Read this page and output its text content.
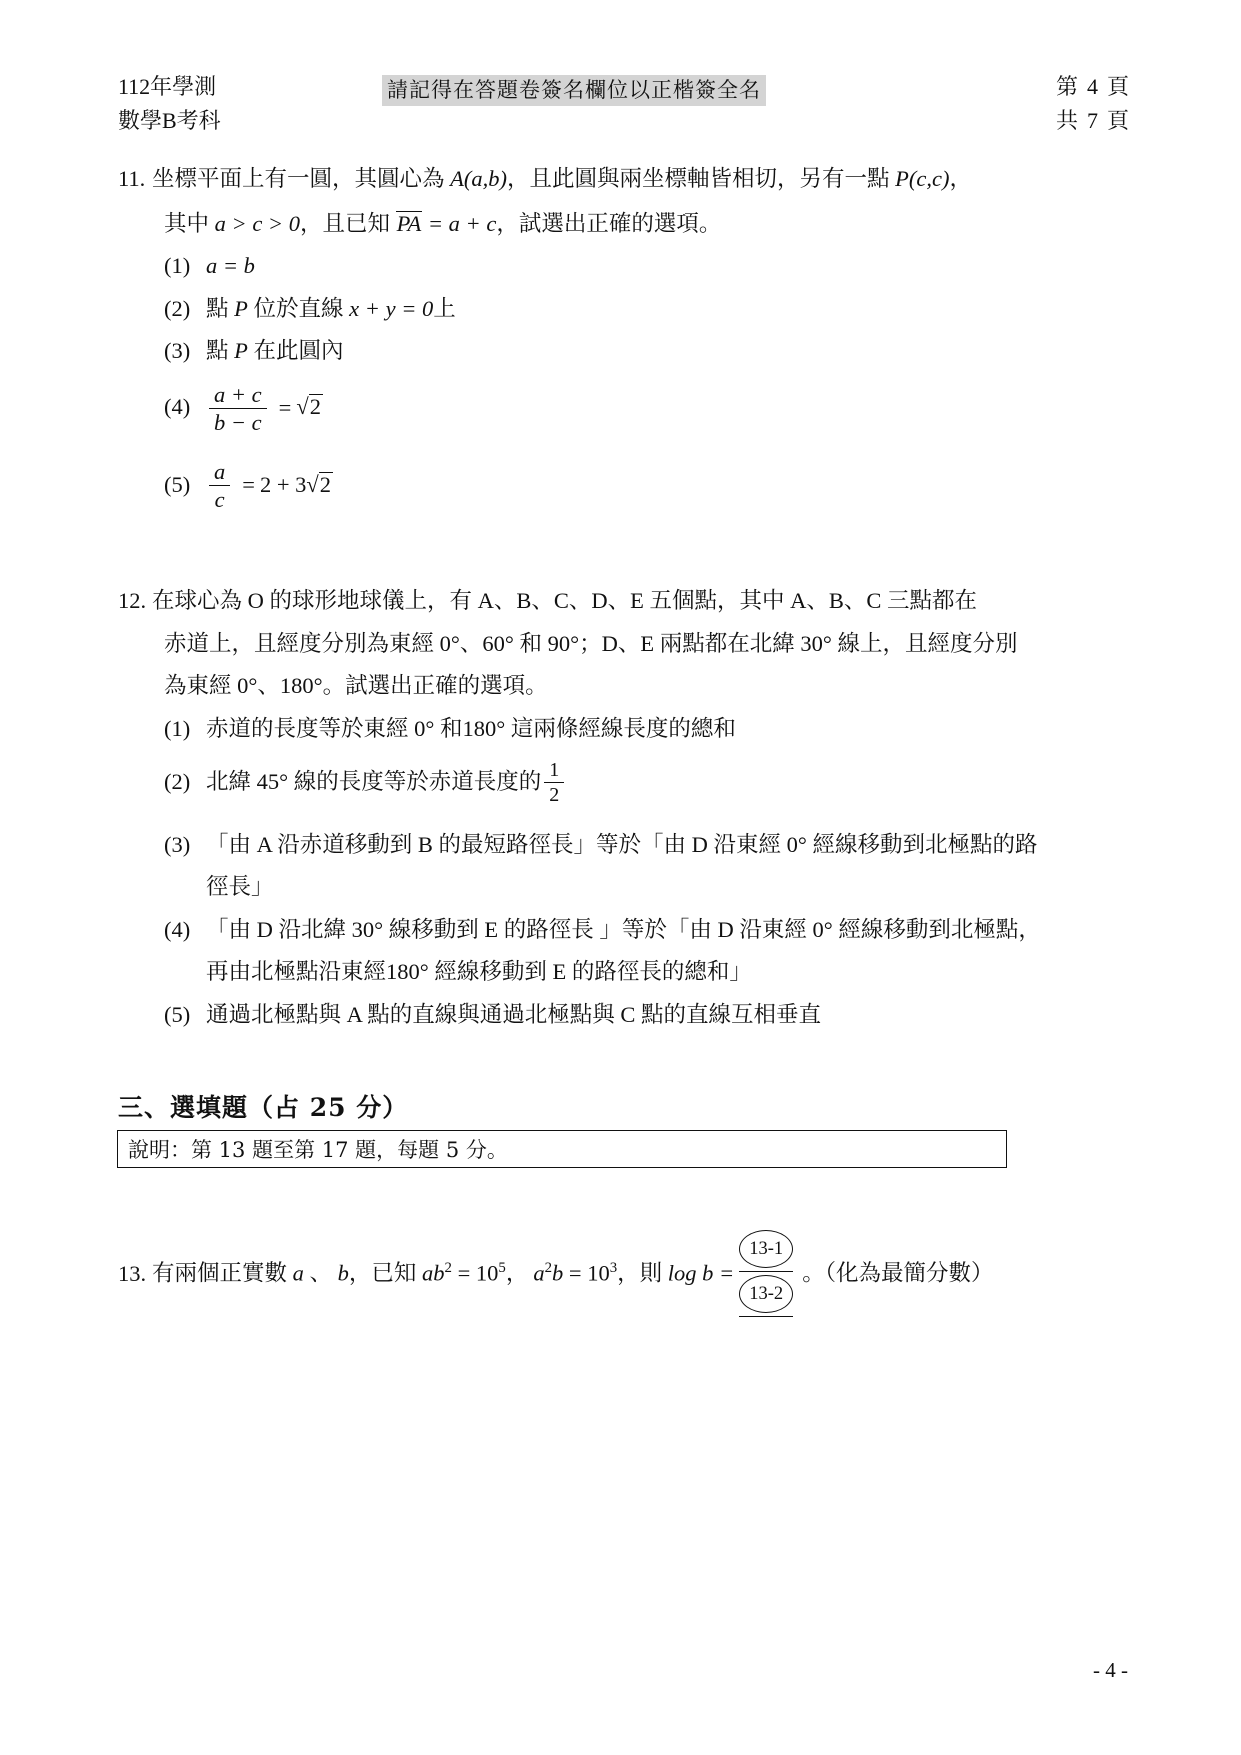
112年學測
數學B考科
請記得在答題卷簽名欄位以正楷簽全名	第 4 頁
共 7 頁
11. 坐標平面上有一圓，其圓心為 A(a,b)，且此圓與兩坐標軸皆相切，另有一點 P(c,c)，
其中 a > c > 0，且已知 PA = a + c，試選出正確的選項。
(1) a = b
(2) 點 P 位於直線 x + y = 0上
(3) 點 P 在此圓內
$(4) \frac{a + c}{b - c} = √2$
$(5) \frac{a}{c} = 2 + 3√2$
12. 在球心為 O 的球形地球儀上，有 A、B、C、D、E 五個點，其中 A、B、C 三點都在
赤道上，且經度分別為東經 0°、60° 和 90°；D、E 兩點都在北緯 30° 線上，且經度分別
為東經 0°、180°。試選出正確的選項。
(1) 赤道的長度等於東經 0° 和180° 這兩條經線長度的總和
(2) 北緯 45° 線的長度等於赤道長度的 $\frac{1}{2}$
(3) 「由 A 沿赤道移動到 B 的最短路徑長」等於「由 D 沿東經 0° 經線移動到北極點的路
徑長」
(4) 「由 D 沿北緯 30° 線移動到 E 的路徑長 」等於「由 D 沿東經 0° 經線移動到北極點，
再由北極點沿東經180° 經線移動到 E 的路徑長的總和」
(5) 通過北極點與 A 點的直線與通過北極點與 C 點的直線互相垂直
三、選填題（占 25 分）
說明：第 13 題至第 17 題，每題 5 分。
13. 有兩個正實數 a 、 b，已知 $ab^2 = 10^5$， $a^2b = 10^3$，則 $\log b = \frac{13-1}{13-2}$ 。（化為最簡分數）
- 4 -
